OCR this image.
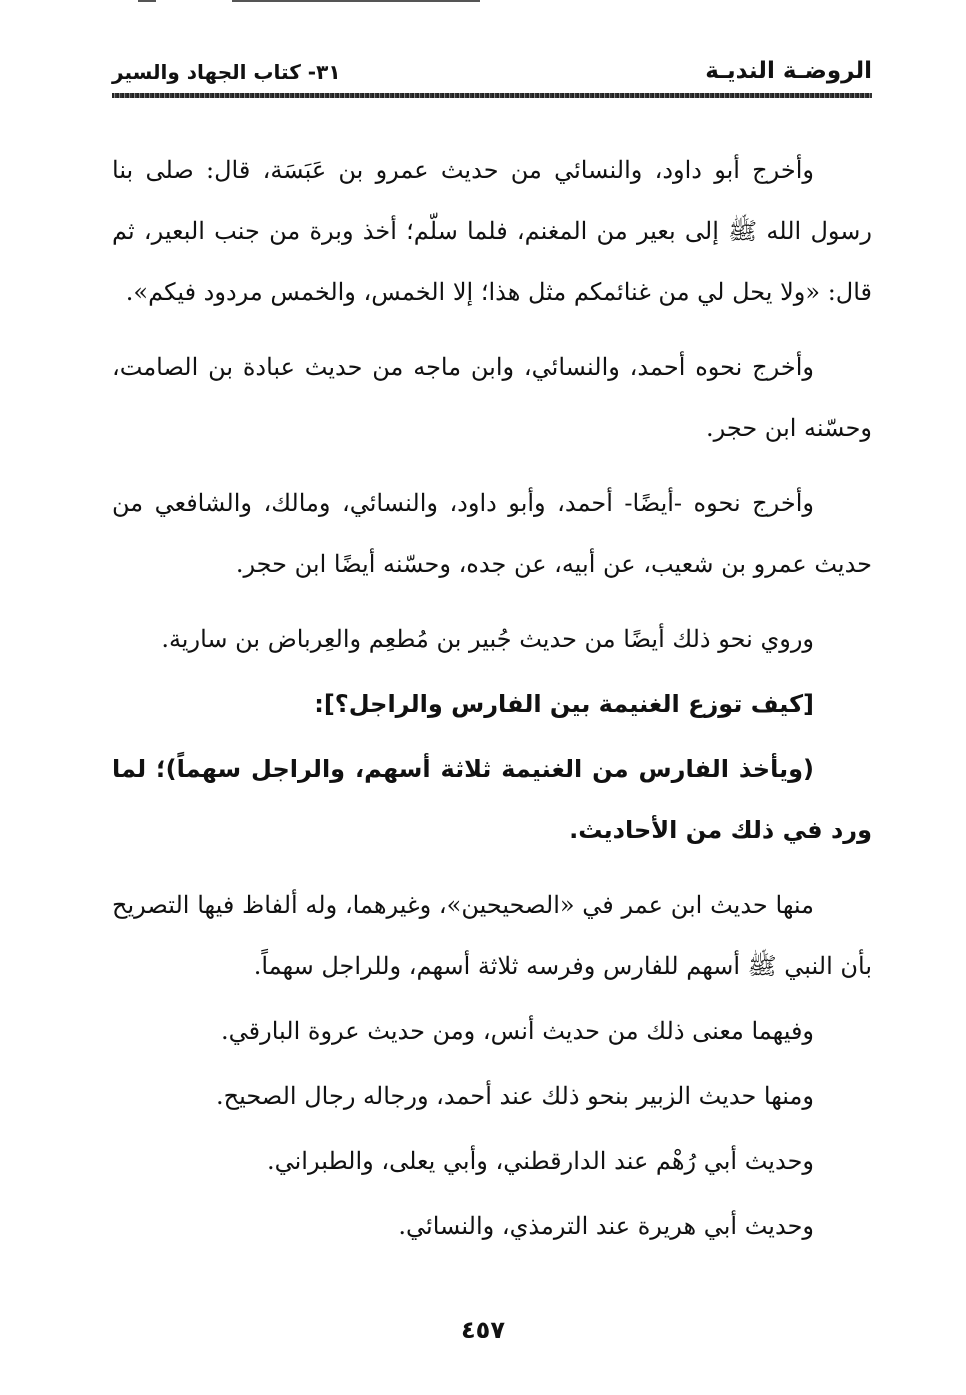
الروضـة النديـة
٣١- كتاب الجهاد والسير

وأخرج أبو داود، والنسائي من حديث عمرو بن عَبَسَة، قال: صلى بنا رسول الله ﷺ إلى بعير من المغنم، فلما سلّم؛ أخذ وبرة من جنب البعير، ثم قال: «ولا يحل لي من غنائمكم مثل هذا؛ إلا الخمس، والخمس مردود فيكم».

وأخرج نحوه أحمد، والنسائي، وابن ماجه من حديث عبادة بن الصامت، وحسّنه ابن حجر.

وأخرج نحوه -أيضًا- أحمد، وأبو داود، والنسائي، ومالك، والشافعي من حديث عمرو بن شعيب، عن أبيه، عن جده، وحسّنه أيضًا ابن حجر.

وروي نحو ذلك أيضًا من حديث جُبير بن مُطعِم والعِرباض بن سارية.

[كيف توزع الغنيمة بين الفارس والراجل؟]:

(ويأخذ الفارس من الغنيمة ثلاثة أسهم، والراجل سهماً)؛ لما ورد في ذلك من الأحاديث.

منها حديث ابن عمر في «الصحيحين»، وغيرهما، وله ألفاظ فيها التصريح بأن النبي ﷺ أسهم للفارس وفرسه ثلاثة أسهم، وللراجل سهماً.

وفيهما معنى ذلك من حديث أنس، ومن حديث عروة البارقي.

ومنها حديث الزبير بنحو ذلك عند أحمد، ورجاله رجال الصحيح.

وحديث أبي رُهْم عند الدارقطني، وأبي يعلى، والطبراني.

وحديث أبي هريرة عند الترمذي، والنسائي.

٤٥٧
